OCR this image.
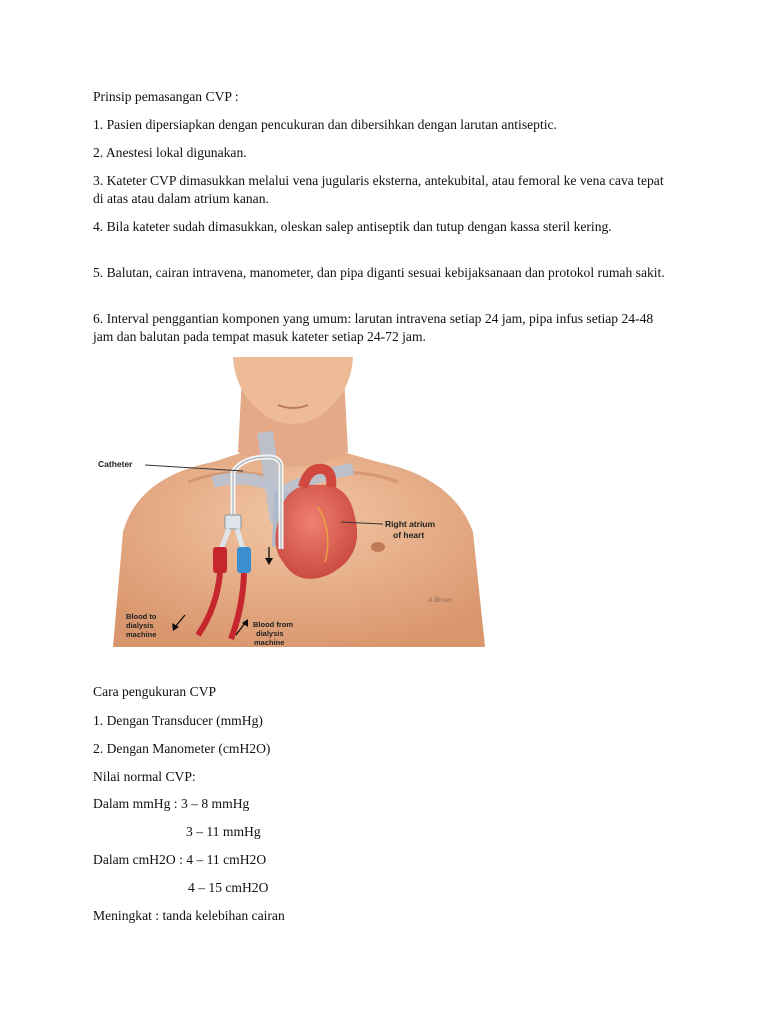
Prinsip pemasangan CVP :
1. Pasien dipersiapkan dengan pencukuran dan dibersihkan dengan larutan antiseptic.
2. Anestesi lokal digunakan.
3. Kateter CVP dimasukkan melalui vena jugularis eksterna, antekubital, atau femoral ke vena cava tepat di atas atau dalam atrium kanan.
4. Bila kateter sudah dimasukkan, oleskan salep antiseptik dan tutup dengan kassa steril kering.
5. Balutan, cairan intravena, manometer, dan pipa diganti sesuai kebijaksanaan dan protokol rumah sakit.
6. Interval penggantian komponen yang umum: larutan intravena setiap 24 jam, pipa infus setiap 24-48 jam dan balutan pada tempat masuk kateter setiap 24-72 jam.
Catheter
Right atrium
of heart
Blood to
dialysis
machine
Blood from
dialysis
machine
A.Brown
Cara pengukuran CVP
1. Dengan Transducer (mmHg)
2. Dengan Manometer (cmH2O)
Nilai normal CVP:
Dalam mmHg : 3 – 8 mmHg
3 – 11 mmHg
Dalam cmH2O : 4 – 11 cmH2O
4 – 15 cmH2O
Meningkat : tanda kelebihan cairan
